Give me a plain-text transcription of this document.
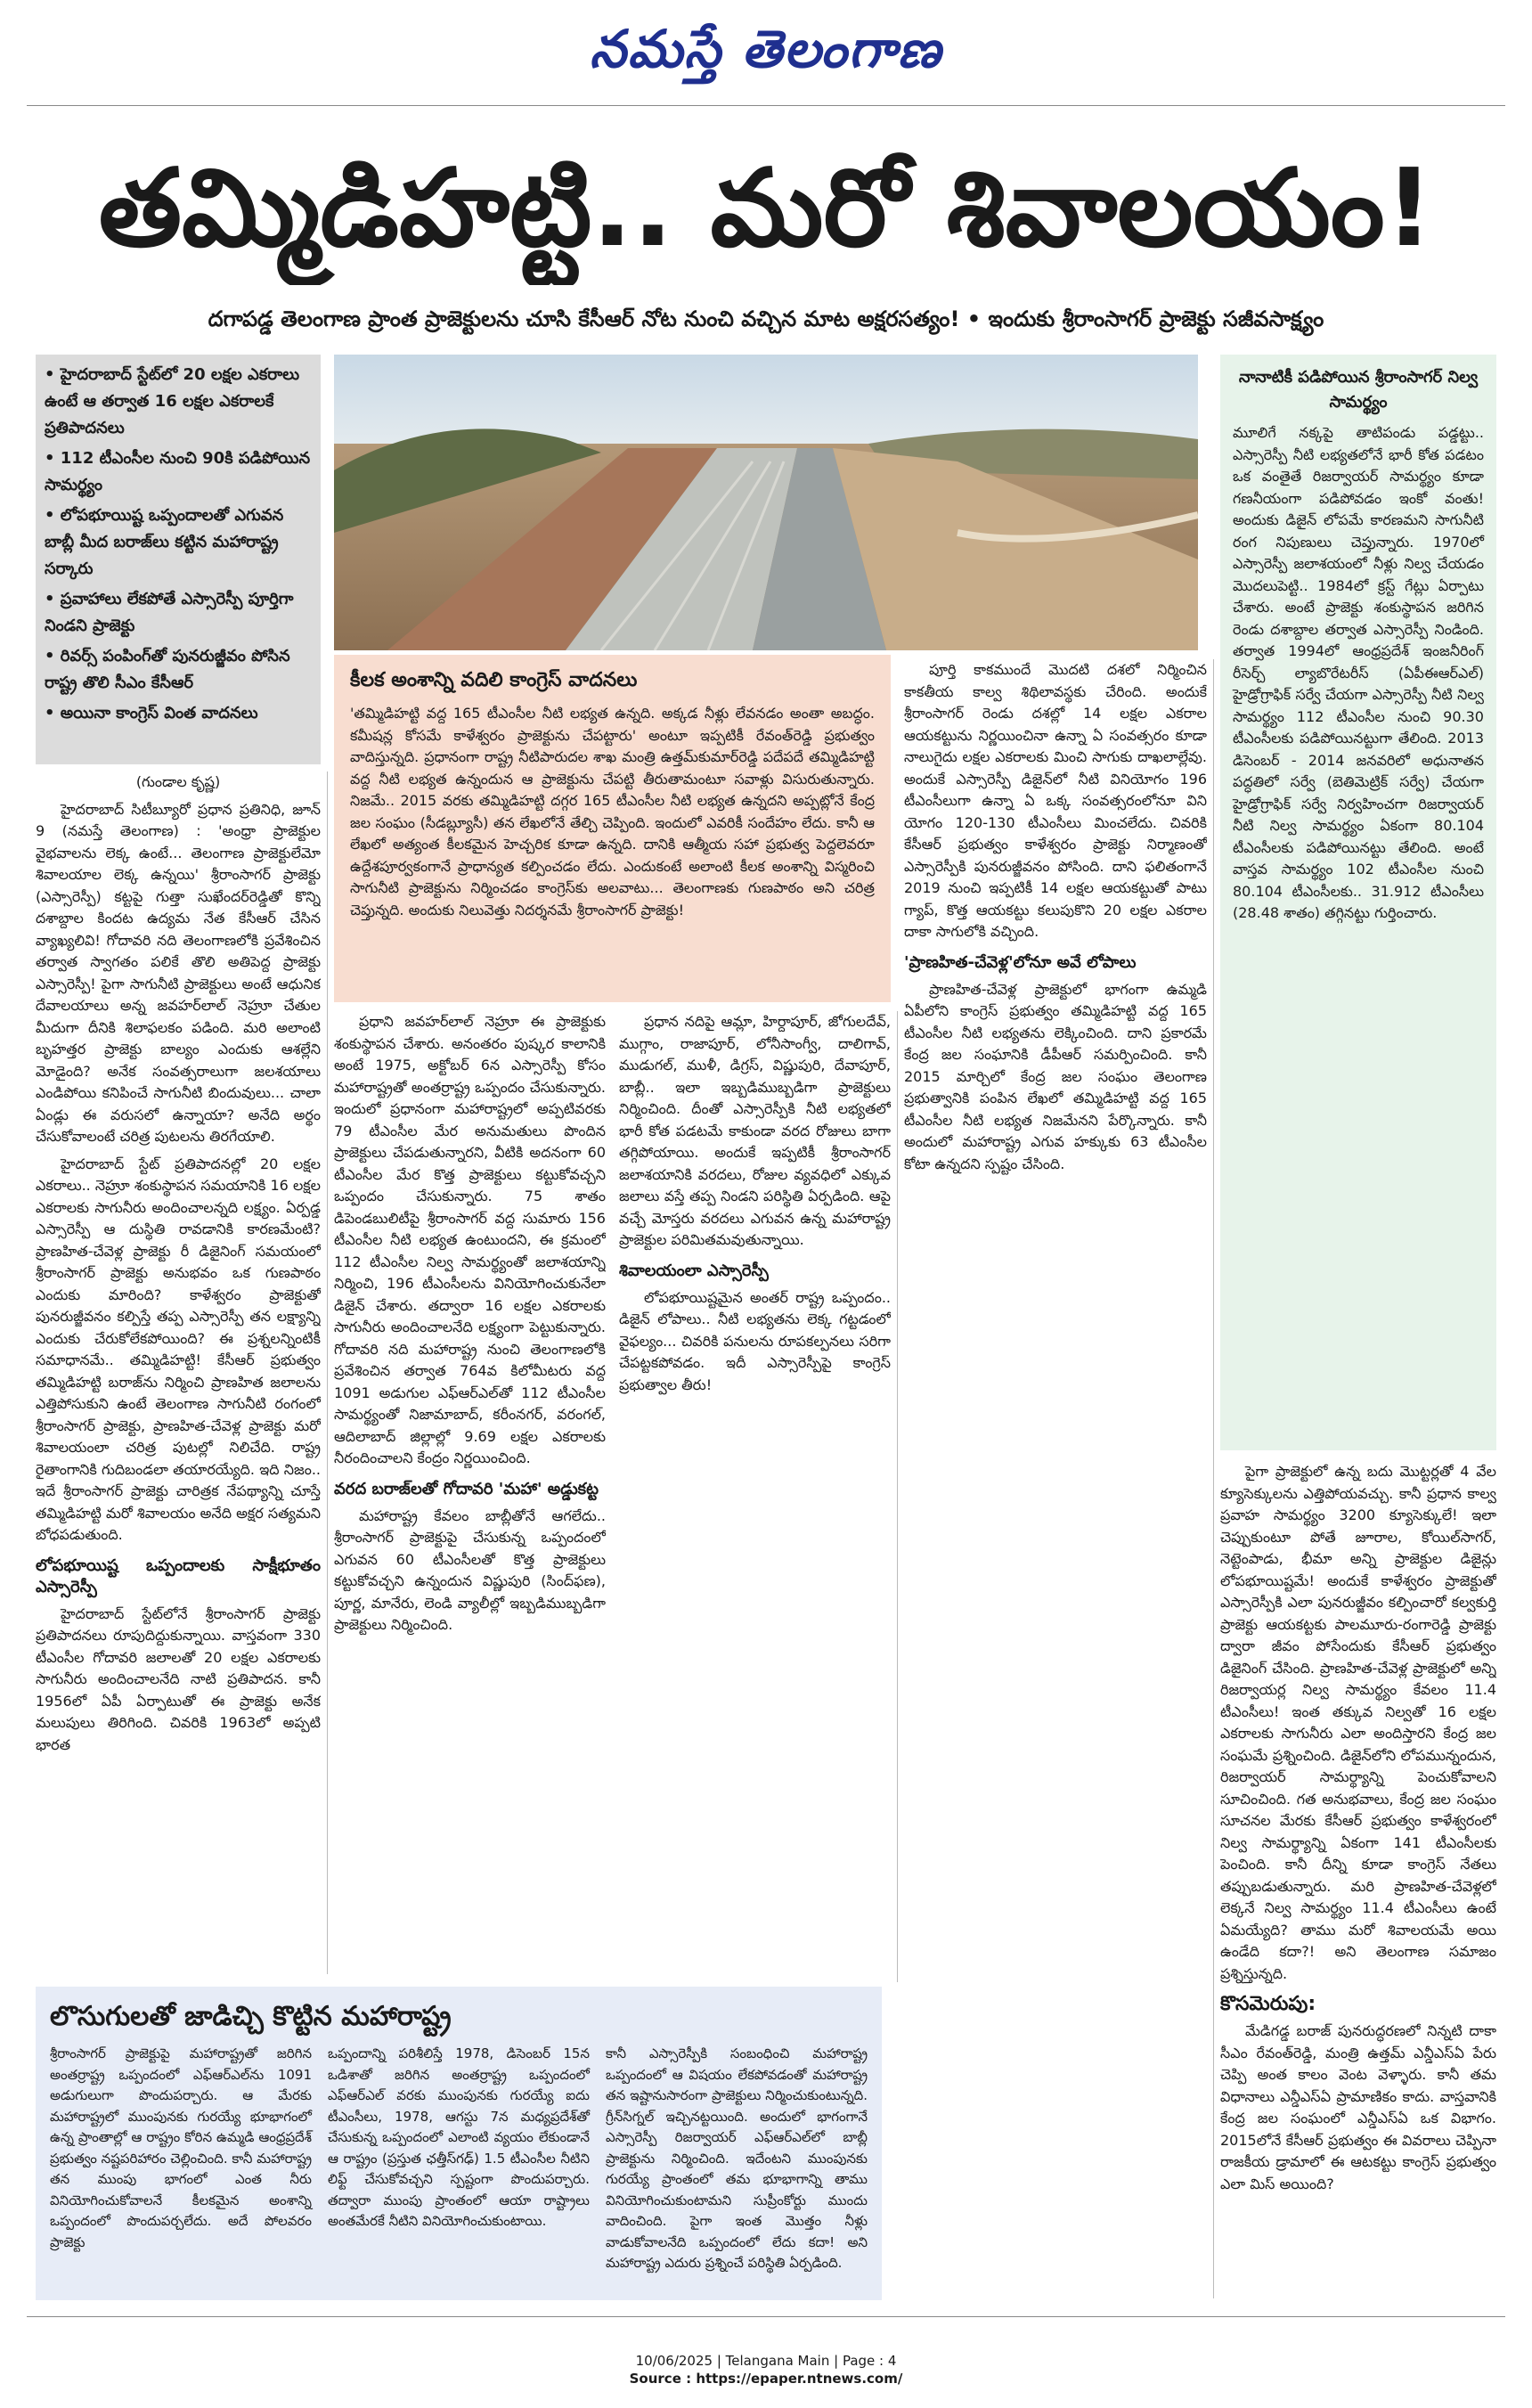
నమస్తే తెలంగాణ
తమ్మిడిహట్టి.. మరో శివాలయం!
దగాపడ్డ తెలంగాణ ప్రాంత ప్రాజెక్టులను చూసి కేసీఆర్ నోట నుంచి వచ్చిన మాట అక్షరసత్యం! • ఇందుకు శ్రీరాంసాగర్ ప్రాజెక్టు సజీవసాక్ష్యం
• హైదరాబాద్ స్టేట్‌లో 20 లక్షల ఎకరాలు ఉంటే ఆ తర్వాత 16 లక్షల ఎకరాలకే ప్రతిపాదనలు
• 112 టీఎంసీల నుంచి 90కి పడిపోయిన సామర్థ్యం
• లోపభూయిష్ట ఒప్పందాలతో ఎగువన బాబ్లీ మీద బరాజ్‌లు కట్టిన మహారాష్ట్ర సర్కారు
• ప్రవాహాలు లేకపోతే ఎస్సారెస్పీ పూర్తిగా నిండని ప్రాజెక్టు
• రివర్స్ పంపింగ్‌తో పునరుజ్జీవం పోసిన రాష్ట్ర తొలి సీఎం కేసీఆర్
• అయినా కాంగ్రెస్ వింత వాదనలు
కీలక అంశాన్ని వదిలి కాంగ్రెస్ వాదనలు
'తమ్మిడిహట్టి వద్ద 165 టీఎంసీల నీటి లభ్యత ఉన్నది. అక్కడ నీళ్లు లేవనడం అంతా అబద్ధం. కమీషన్ల కోసమే కాళేశ్వరం ప్రాజెక్టును చేపట్టారు' అంటూ ఇప్పటికీ రేవంత్‌రెడ్డి ప్రభుత్వం వాదిస్తున్నది. ప్రధానంగా రాష్ట్ర నీటిపారుదల శాఖ మంత్రి ఉత్తమ్‌కుమార్‌రెడ్డి పదేపదే తమ్మిడిహట్టి వద్ద నీటి లభ్యత ఉన్నందున ఆ ప్రాజెక్టును చేపట్టి తీరుతామంటూ సవాళ్లు విసురుతున్నారు. నిజమే.. 2015 వరకు తమ్మిడిహట్టి దగ్గర 165 టీఎంసీల నీటి లభ్యత ఉన్నదని అప్పట్లోనే కేంద్ర జల సంఘం (సీడబ్ల్యూసీ) తన లేఖలోనే తేల్చి చెప్పింది. ఇందులో ఎవరికీ సందేహం లేదు. కానీ ఆ లేఖలో అత్యంత కీలకమైన హెచ్చరిక కూడా ఉన్నది. దానికి ఆత్మీయ సహా ప్రభుత్వ పెద్దలెవరూ ఉద్దేశపూర్వకంగానే ప్రాధాన్యత కల్పించడం లేదు. ఎందుకంటే అలాంటి కీలక అంశాన్ని విస్మరించి సాగునీటి ప్రాజెక్టును నిర్మించడం కాంగ్రెస్‌కు అలవాటు... తెలంగాణకు గుణపాఠం అని చరిత్ర చెప్తున్నది. అందుకు నిలువెత్తు నిదర్శనమే శ్రీరాంసాగర్ ప్రాజెక్టు!
నానాటికీ పడిపోయిన శ్రీరాంసాగర్ నిల్వ సామర్థ్యం
మూలిగే నక్కపై తాటిపండు పడ్డట్టు.. ఎస్సారెస్పీ నీటి లభ్యతలోనే భారీ కోత పడటం ఒక వంతైతే రిజర్వాయర్ సామర్థ్యం కూడా గణనీయంగా పడిపోవడం ఇంకో వంతు! అందుకు డిజైన్ లోపమే కారణమని సాగునీటి రంగ నిపుణులు చెప్తున్నారు. 1970లో ఎస్సారెస్పీ జలాశయంలో నీళ్లు నిల్వ చేయడం మొదలుపెట్టి.. 1984లో క్రస్ట్ గేట్లు ఏర్పాటు చేశారు. అంటే ప్రాజెక్టు శంకుస్థాపన జరిగిన రెండు దశాబ్దాల తర్వాత ఎస్సారెస్పీ నిండింది. తర్వాత 1994లో ఆంధ్రప్రదేశ్ ఇంజనీరింగ్ రీసెర్చ్ ల్యాబొరేటరీస్ (ఏపీఈఆర్ఎల్) హైడ్రోగ్రాఫిక్ సర్వే చేయగా ఎస్సారెస్పీ నీటి నిల్వ సామర్థ్యం 112 టీఎంసీల నుంచి 90.30 టీఎంసీలకు పడిపోయినట్టుగా తేలింది. 2013 డిసెంబర్ - 2014 జనవరిలో అధునాతన పద్ధతిలో సర్వే (బెతిమెట్రిక్ సర్వే) చేయగా హైడ్రోగ్రాఫిక్ సర్వే నిర్వహించగా రిజర్వాయర్ నీటి నిల్వ సామర్థ్యం ఏకంగా 80.104 టీఎంసీలకు పడిపోయినట్టు తేలింది. అంటే వాస్తవ సామర్థ్యం 102 టీఎంసీల నుంచి 80.104 టీఎంసీలకు.. 31.912 టీఎంసీలు (28.48 శాతం) తగ్గినట్టు గుర్తించారు.
(గుండాల కృష్ణ)

హైదరాబాద్ సిటీబ్యూరో ప్రధాన ప్రతినిధి, జూన్ 9 (నమస్తే తెలంగాణ) : 'అంధ్రా ప్రాజెక్టుల వైభవాలను లెక్క ఉంటే... తెలంగాణ ప్రాజెక్టులేమో శివాలయాల లెక్క ఉన్నయి' శ్రీరాంసాగర్ ప్రాజెక్టు (ఎస్సారెస్పీ) కట్టపై గుత్తా సుఖేందర్‌రెడ్డితో కొన్ని దశాబ్దాల కిందట ఉద్యమ నేత కేసీఆర్ చేసిన వ్యాఖ్యలివి! గోదావరి నది తెలంగాణలోకి ప్రవేశించిన తర్వాత స్వాగతం పలికే తొలి అతిపెద్ద ప్రాజెక్టు ఎస్సారెస్పీ! పైగా సాగునీటి ప్రాజెక్టులు అంటే ఆధునిక దేవాలయాలు అన్న జవహర్‌లాల్ నెహ్రూ చేతుల మీదుగా దీనికి శిలాఫలకం పడింది. మరి అలాంటి బృహత్తర ప్రాజెక్టు బాల్యం ఎందుకు ఆశల్లేని మోడైంది? అనేక సంవత్సరాలుగా జలశయాలు ఎండిపోయి కనిపించే సాగునీటి బిందువులు... చాలా ఏండ్లు ఈ వరుసలో ఉన్నాయా? అనేది అర్థం చేసుకోవాలంటే చరిత్ర పుటలను తిరగేయాలి.

హైదరాబాద్ స్టేట్ ప్రతిపాదనల్లో 20 లక్షల ఎకరాలు.. నెహ్రూ శంకుస్థాపన సమయానికి 16 లక్షల ఎకరాలకు సాగునీరు అందించాలన్నది లక్ష్యం. ఏర్పడ్డ ఎస్సారెస్పీ ఆ దుస్థితి రావడానికి కారణమేంటి? ప్రాణహిత-చేవెళ్ల ప్రాజెక్టు రీ డిజైనింగ్ సమయంలో శ్రీరాంసాగర్ ప్రాజెక్టు అనుభవం ఒక గుణపాఠం ఎందుకు మారింది? కాళేశ్వరం ప్రాజెక్టుతో పునరుజ్జీవనం కల్పిస్తే తప్ప ఎస్సారెస్పీ తన లక్ష్యాన్ని ఎందుకు చేరుకోలేకపోయింది? ఈ ప్రశ్నలన్నింటికీ సమాధానమే.. తమ్మిడిహట్టి! కేసీఆర్ ప్రభుత్వం తమ్మిడిహట్టి బరాజ్‌ను నిర్మించి ప్రాణహిత జలాలను ఎత్తిపోసుకుని ఉంటే తెలంగాణ సాగునీటి రంగంలో శ్రీరాంసాగర్ ప్రాజెక్టు, ప్రాణహిత-చేవెళ్ల ప్రాజెక్టు మరో శివాలయంలా చరిత్ర పుటల్లో నిలిచేది. రాష్ట్ర రైతాంగానికి గుదిబండలా తయారయ్యేది. ఇది నిజం.. ఇదే శ్రీరాంసాగర్ ప్రాజెక్టు చారిత్రక నేపథ్యాన్ని చూస్తే తమ్మిడిహట్టి మరో శివాలయం అనేది అక్షర సత్యమని బోధపడుతుంది.

లోపభూయిష్ట ఒప్పందాలకు సాక్షీభూతం ఎస్సారెస్పీ

హైదరాబాద్ స్టేట్‌లోనే శ్రీరాంసాగర్ ప్రాజెక్టు ప్రతిపాదనలు రూపుదిద్దుకున్నాయి. వాస్తవంగా 330 టీఎంసీల గోదావరి జలాలతో 20 లక్షల ఎకరాలకు సాగునీరు అందించాలనేది నాటి ప్రతిపాదన. కానీ 1956లో ఏపీ ఏర్పాటుతో ఈ ప్రాజెక్టు అనేక మలుపులు తిరిగింది. చివరికి 1963లో అప్పటి భారత

ప్రధాని జవహర్‌లాల్ నెహ్రూ ఈ ప్రాజెక్టుకు శంకుస్థాపన చేశారు. అనంతరం పుష్కర కాలానికి అంటే 1975, అక్టోబర్ 6న ఎస్సారెస్పీ కోసం మహారాష్ట్రతో అంతర్రాష్ట్ర ఒప్పందం చేసుకున్నారు. ఇందులో ప్రధానంగా మహారాష్ట్రలో అప్పటివరకు 79 టీఎంసీల మేర అనుమతులు పొందిన ప్రాజెక్టులు చేపడుతున్నారని, వీటికి అదనంగా 60 టీఎంసీల మేర కొత్త ప్రాజెక్టులు కట్టుకోవచ్చని ఒప్పందం చేసుకున్నారు. 75 శాతం డిపెండబులిటీపై శ్రీరాంసాగర్ వద్ద సుమారు 156 టీఎంసీల నీటి లభ్యత ఉంటుందని, ఈ క్రమంలో 112 టీఎంసీల నిల్వ సామర్థ్యంతో జలాశయాన్ని నిర్మించి, 196 టీఎంసీలను వినియోగించుకునేలా డిజైన్ చేశారు. తద్వారా 16 లక్షల ఎకరాలకు సాగునీరు అందించాలనేది లక్ష్యంగా పెట్టుకున్నారు. గోదావరి నది మహారాష్ట్ర నుంచి తెలంగాణలోకి ప్రవేశించిన తర్వాత 764వ కిలోమీటరు వద్ద 1091 అడుగుల ఎఫ్ఆర్ఎల్‌తో 112 టీఎంసీల సామర్థ్యంతో నిజామాబాద్, కరీంనగర్, వరంగల్, ఆదిలాబాద్ జిల్లాల్లో 9.69 లక్షల ఎకరాలకు నీరందించాలని కేంద్రం నిర్ణయించింది.

వరద బరాజ్‌లతో గోదావరి 'మహా' అడ్డుకట్ట

మహారాష్ట్ర కేవలం బాబ్లీతోనే ఆగలేదు.. శ్రీరాంసాగర్ ప్రాజెక్టుపై చేసుకున్న ఒప్పందంలో ఎగువన 60 టీఎంసీలతో కొత్త ప్రాజెక్టులు కట్టుకోవచ్చని ఉన్నందున విష్ణుపురి (సింద్‌ఫణ), పూర్ణ, మానేరు, లెండి వ్యాలీల్లో ఇబ్బడిముబ్బడిగా ప్రాజెక్టులు నిర్మించింది.

ప్రధాన నదిపై ఆమ్లా, హిర్దాపూర్, జోగులదేవ్, ముగ్గాం, రాజాపూర్, లోనీసాంగ్వీ, దాలిగావ్, ముడుగల్, ముళీ, డిగ్రస్, విష్ణుపురి, దేవాపూర్, బాబ్లీ.. ఇలా ఇబ్బడిముబ్బడిగా ప్రాజెక్టులు నిర్మించింది. దీంతో ఎస్సారెస్పీకి నీటి లభ్యతలో భారీ కోత పడటమే కాకుండా వరద రోజులు బాగా తగ్గిపోయాయి. అందుకే ఇప్పటికీ శ్రీరాంసాగర్ జలాశయానికి వరదలు, రోజుల వ్యవధిలో ఎక్కువ జలాలు వస్తే తప్ప నిండని పరిస్థితి ఏర్పడింది. ఆపై వచ్చే మోస్తరు వరదలు ఎగువన ఉన్న మహారాష్ట్ర ప్రాజెక్టుల పరిమితమవుతున్నాయి.

శివాలయంలా ఎస్సారెస్పీ

లోపభూయిష్టమైన అంతర్ రాష్ట్ర ఒప్పందం.. డిజైన్ లోపాలు.. నీటి లభ్యతను లెక్క గట్టడంలో వైఫల్యం... చివరికి పనులను రూపకల్పనలు సరిగా చేపట్టకపోవడం. ఇదీ ఎస్సారెస్పీపై కాంగ్రెస్ ప్రభుత్వాల తీరు!

పూర్తి కాకముందే మొదటి దశలో నిర్మించిన కాకతీయ కాల్వ శిథిలావస్థకు చేరింది. అందుకే శ్రీరాంసాగర్ రెండు దశల్లో 14 లక్షల ఎకరాల ఆయకట్టును నిర్ణయించినా ఉన్నా ఏ సంవత్సరం కూడా నాలుగైదు లక్షల ఎకరాలకు మించి సాగుకు దాఖలాల్లేవు. అందుకే ఎస్సారెస్పీ డిజైన్‌లో నీటి వినియోగం 196 టీఎంసీలుగా ఉన్నా ఏ ఒక్క సంవత్సరంలోనూ విని యోగం 120-130 టీఎంసీలు మించలేదు. చివరికి కేసీఆర్ ప్రభుత్వం కాళేశ్వరం ప్రాజెక్టు నిర్మాణంతో ఎస్సారెస్పీకి పునరుజ్జీవనం పోసింది. దాని ఫలితంగానే 2019 నుంచి ఇప్పటికీ 14 లక్షల ఆయకట్టుతో పాటు గ్యాప్, కొత్త ఆయకట్టు కలుపుకొని 20 లక్షల ఎకరాల దాకా సాగులోకి వచ్చింది.

'ప్రాణహిత-చేవెళ్ల'లోనూ అవే లోపాలు

ప్రాణహిత-చేవెళ్ల ప్రాజెక్టులో భాగంగా ఉమ్మడి ఏపీలోని కాంగ్రెస్ ప్రభుత్వం తమ్మిడిహట్టి వద్ద 165 టీఎంసీల నీటి లభ్యతను లెక్కించింది. దాని ప్రకారమే కేంద్ర జల సంఘానికి డీపీఆర్ సమర్పించింది. కానీ 2015 మార్చిలో కేంద్ర జల సంఘం తెలంగాణ ప్రభుత్వానికి పంపిన లేఖలో తమ్మిడిహట్టి వద్ద 165 టీఎంసీల నీటి లభ్యత నిజమేనని పేర్కొన్నారు. కానీ అందులో మహారాష్ట్ర ఎగువ హక్కుకు 63 టీఎంసీల కోటా ఉన్నదని స్పష్టం చేసింది.

పైగా ప్రాజెక్టులో ఉన్న బదు మొట్టర్లతో 4 వేల క్యూసెక్కులను ఎత్తిపోయవచ్చు. కానీ ప్రధాన కాల్వ ప్రవాహ సామర్థ్యం 3200 క్యూసెక్కులే! ఇలా చెప్పుకుంటూ పోతే జూరాల, కోయిల్‌సాగర్, నెట్టెంపాడు, భీమా అన్ని ప్రాజెక్టుల డిజైన్లు లోపభూయిష్టమే! అందుకే కాళేశ్వరం ప్రాజెక్టుతో ఎస్సారెస్పీకి ఎలా పునరుజ్జీవం కల్పించారో కల్వకుర్తి ప్రాజెక్టు ఆయకట్టకు పాలమూరు-రంగారెడ్డి ప్రాజెక్టు ద్వారా జీవం పోసేందుకు కేసీఆర్ ప్రభుత్వం డిజైనింగ్ చేసింది. ప్రాణహిత-చేవెళ్ల ప్రాజెక్టులో అన్ని రిజర్వాయర్ల నిల్వ సామర్థ్యం కేవలం 11.4 టీఎంసీలు! ఇంత తక్కువ నిల్వతో 16 లక్షల ఎకరాలకు సాగునీరు ఎలా అందిస్తారని కేంద్ర జల సంఘమే ప్రశ్నించింది. డిజైన్‌లోని లోపమున్నందున, రిజర్వాయర్ సామర్థ్యాన్ని పెంచుకోవాలని సూచించింది. గత అనుభవాలు, కేంద్ర జల సంఘం సూచనల మేరకు కేసీఆర్ ప్రభుత్వం కాళేశ్వరంలో నిల్వ సామర్థ్యాన్ని ఏకంగా 141 టీఎంసీలకు పెంచింది. కానీ దీన్ని కూడా కాంగ్రెస్ నేతలు తప్పుబడుతున్నారు. మరి ప్రాణహిత-చేవెళ్లలో లెక్కనే నిల్వ సామర్థ్యం 11.4 టీఎంసీలు ఉంటే ఏమయ్యేది? తాము మరో శివాలయమే అయి ఉండేది కదా?! అని తెలంగాణ సమాజం ప్రశ్నిస్తున్నది.

కొసమెరుపు:

మేడిగడ్డ బరాజ్ పునరుద్ధరణలో నిన్నటి దాకా సీఎం రేవంత్‌రెడ్డి, మంత్రి ఉత్తమ్ ఎన్డీఎస్ఏ పేరు చెప్పి అంత కాలం వెంట వెళ్ళారు. కానీ తమ విధానాలు ఎన్డీఎస్ఏ ప్రామాణికం కాదు. వాస్తవానికి కేంద్ర జల సంఘంలో ఎన్డీఎస్ఏ ఒక విభాగం. 2015లోనే కేసీఆర్ ప్రభుత్వం ఈ వివరాలు చెప్పినా రాజకీయ డ్రామాలో ఈ ఆటకట్టు కాంగ్రెస్ ప్రభుత్వం ఎలా మిస్ అయింది?

లొసుగులతో జాడిచ్చి కొట్టిన మహారాష్ట్ర
శ్రీరాంసాగర్ ప్రాజెక్టుపై మహారాష్ట్రతో జరిగిన అంతర్రాష్ట్ర ఒప్పందంలో ఎఫ్ఆర్ఎల్‌ను 1091 అడుగులుగా పొందుపర్చారు. ఆ మేరకు మహారాష్ట్రలో ముంపునకు గురయ్యే భూభాగంలో ఉన్న ప్రాంతాల్లో ఆ రాష్ట్రం కోరిన ఉమ్మడి ఆంధ్రప్రదేశ్ ప్రభుత్వం నష్టపరిహారం చెల్లించింది. కానీ మహారాష్ట్ర తన ముంపు భాగంలో ఎంత నీరు వినియోగించుకోవాలనే కీలకమైన అంశాన్ని ఒప్పందంలో పొందుపర్చలేదు. అదే పోలవరం ప్రాజెక్టు
ఒప్పందాన్ని పరిశీలిస్తే 1978, డిసెంబర్ 15న ఒడిశాతో జరిగిన అంతర్రాష్ట్ర ఒప్పందంలో ఎఫ్ఆర్ఎల్ వరకు ముంపునకు గురయ్యే ఐదు టీఎంసీలు, 1978, ఆగస్టు 7న మధ్యప్రదేశ్‌తో చేసుకున్న ఒప్పందంలో ఎలాంటి వ్యయం లేకుండానే ఆ రాష్ట్రం (ప్రస్తుత ఛత్తీస్‌గఢ్) 1.5 టీఎంసీల నీటిని లిఫ్ట్ చేసుకోవచ్చని స్పష్టంగా పొందుపర్చారు. తద్వారా ముంపు ప్రాంతంలో ఆయా రాష్ట్రాలు అంతమేరకే నీటిని వినియోగించుకుంటాయి.
కానీ ఎస్సారెస్పీకి సంబంధించి మహారాష్ట్ర ఒప్పందంలో ఆ విషయం లేకపోవడంతో మహారాష్ట్ర తన ఇష్టానుసారంగా ప్రాజెక్టులు నిర్మించుకుంటున్నది. గ్రీన్‌సిగ్నల్ ఇచ్చినట్టయింది. అందులో భాగంగానే ఎస్సారెస్పీ రిజర్వాయర్ ఎఫ్ఆర్ఎల్‌లో బాబ్లీ ప్రాజెక్టును నిర్మించింది. ఇదేంటని ముంపునకు గురయ్యే ప్రాంతంలో తమ భూభాగాన్ని తాము వినియోగించుకుంటామని సుప్రీంకోర్టు ముందు వాదించింది. పైగా ఇంత మొత్తం నీళ్లు వాడుకోవాలనేది ఒప్పందంలో లేదు కదా! అని మహారాష్ట్ర ఎదురు ప్రశ్నించే పరిస్థితి ఏర్పడింది.
10/06/2025 | Telangana Main | Page : 4
Source : https://epaper.ntnews.com/
